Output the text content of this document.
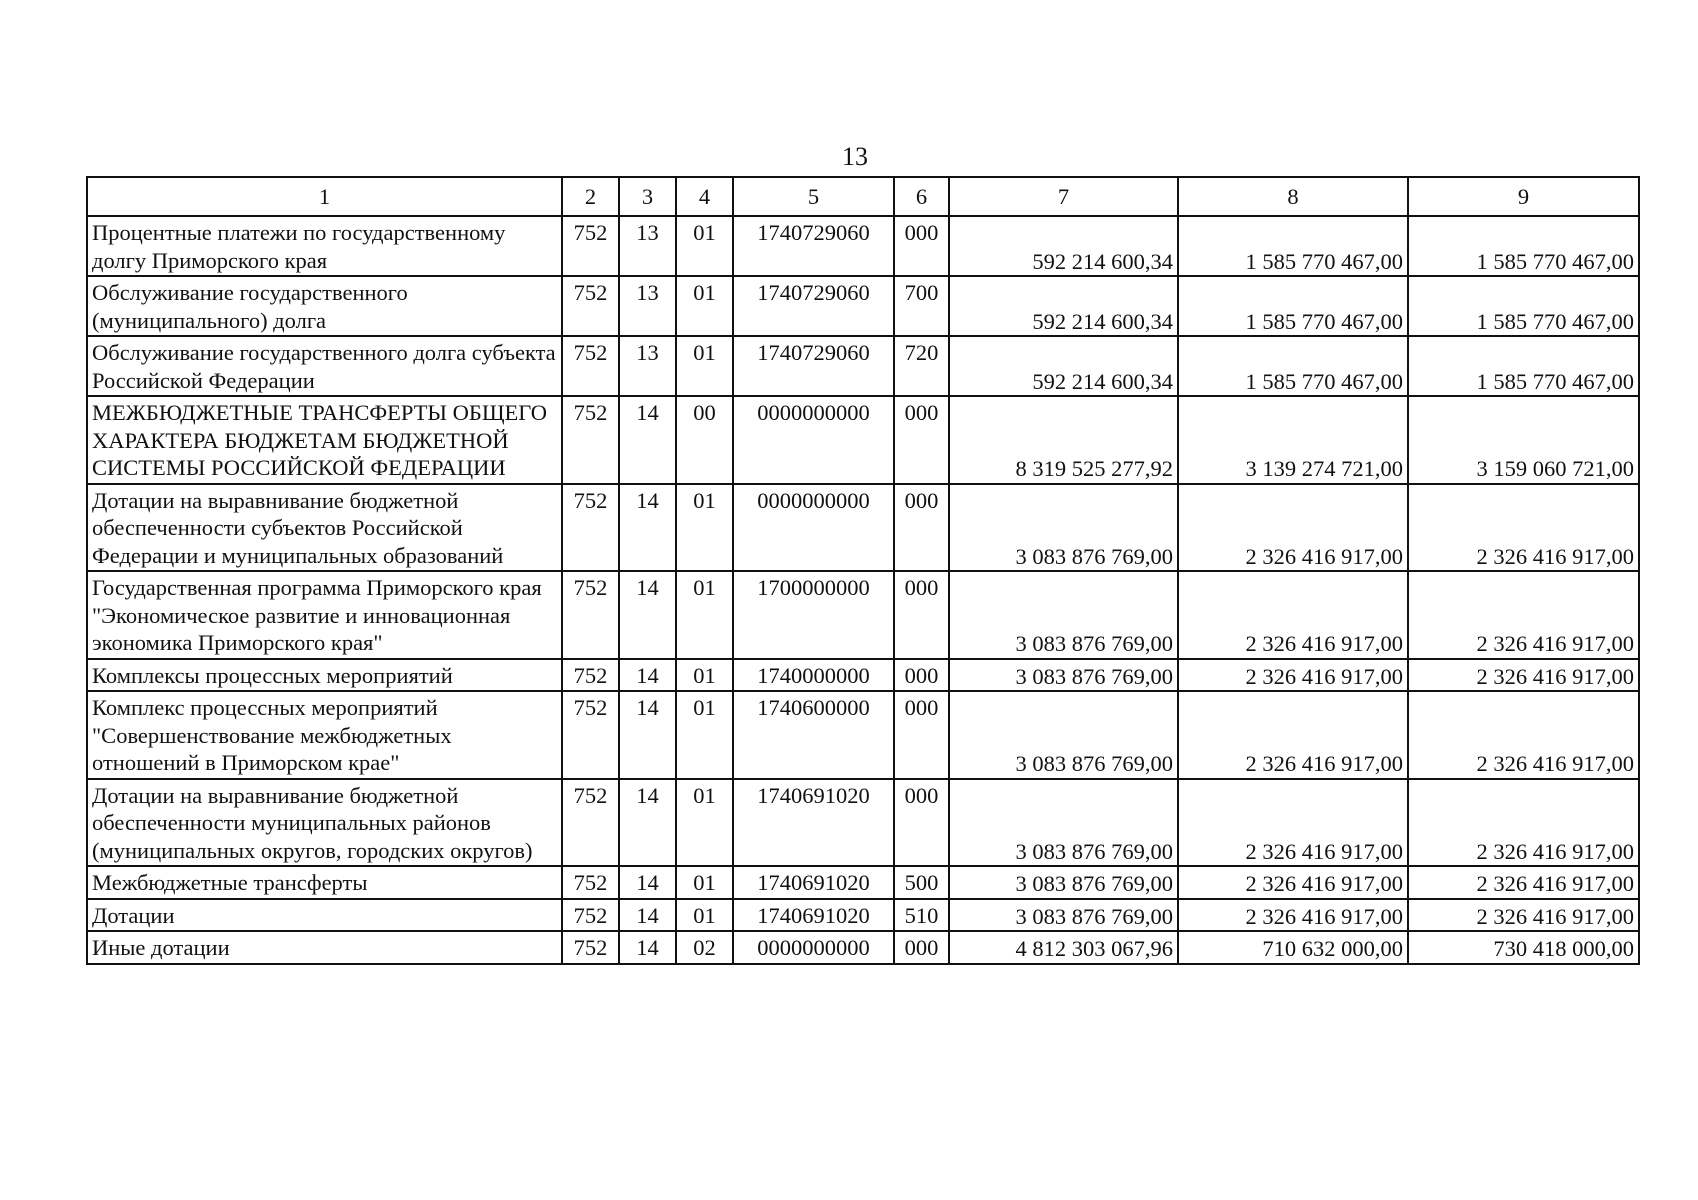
13
1	2	3	4	5	6	7	8	9
Процентные платежи по государственному долгу Приморского края	752	13	01	1740729060	000	592 214 600,34	1 585 770 467,00	1 585 770 467,00
Обслуживание государственного (муниципального) долга	752	13	01	1740729060	700	592 214 600,34	1 585 770 467,00	1 585 770 467,00
Обслуживание государственного долга субъекта Российской Федерации	752	13	01	1740729060	720	592 214 600,34	1 585 770 467,00	1 585 770 467,00
МЕЖБЮДЖЕТНЫЕ ТРАНСФЕРТЫ ОБЩЕГО ХАРАКТЕРА БЮДЖЕТАМ БЮДЖЕТНОЙ СИСТЕМЫ РОССИЙСКОЙ ФЕДЕРАЦИИ	752	14	00	0000000000	000	8 319 525 277,92	3 139 274 721,00	3 159 060 721,00
Дотации на выравнивание бюджетной обеспеченности субъектов Российской Федерации и муниципальных образований	752	14	01	0000000000	000	3 083 876 769,00	2 326 416 917,00	2 326 416 917,00
Государственная программа Приморского края "Экономическое развитие и инновационная экономика Приморского края"	752	14	01	1700000000	000	3 083 876 769,00	2 326 416 917,00	2 326 416 917,00
Комплексы процессных мероприятий	752	14	01	1740000000	000	3 083 876 769,00	2 326 416 917,00	2 326 416 917,00
Комплекс процессных мероприятий "Совершенствование межбюджетных отношений в Приморском крае"	752	14	01	1740600000	000	3 083 876 769,00	2 326 416 917,00	2 326 416 917,00
Дотации на выравнивание бюджетной обеспеченности муниципальных районов (муниципальных округов, городских округов)	752	14	01	1740691020	000	3 083 876 769,00	2 326 416 917,00	2 326 416 917,00
Межбюджетные трансферты	752	14	01	1740691020	500	3 083 876 769,00	2 326 416 917,00	2 326 416 917,00
Дотации	752	14	01	1740691020	510	3 083 876 769,00	2 326 416 917,00	2 326 416 917,00
Иные дотации	752	14	02	0000000000	000	4 812 303 067,96	710 632 000,00	730 418 000,00
